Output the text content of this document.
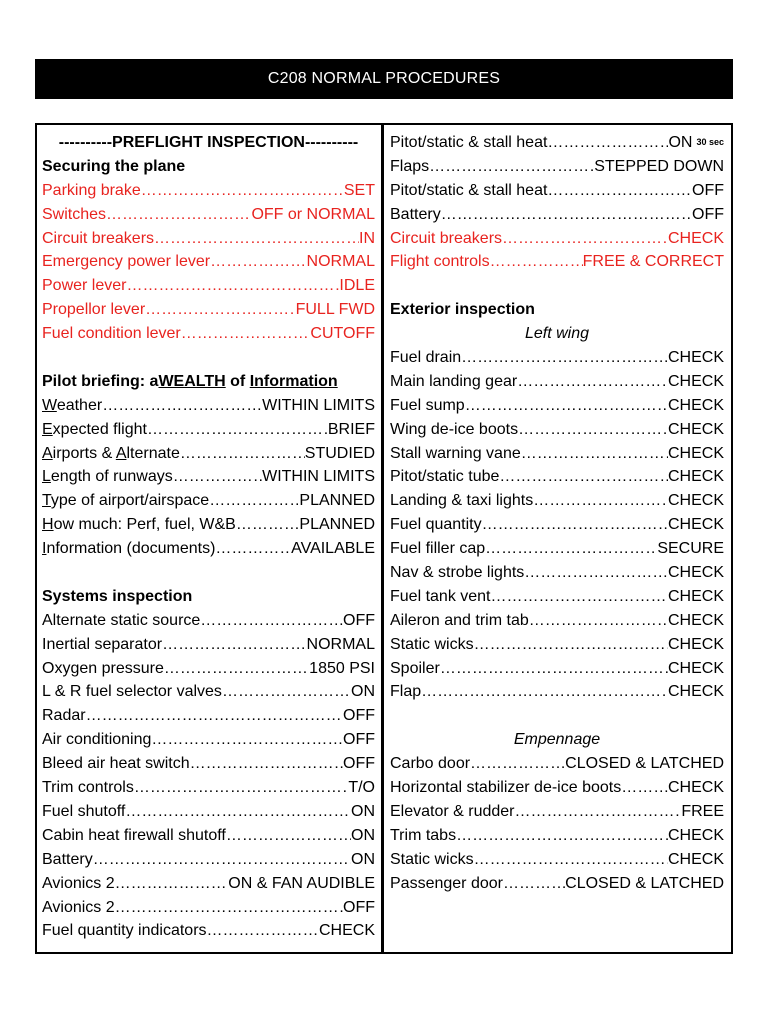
C208 NORMAL PROCEDURES
----------PREFLIGHT INSPECTION----------
Securing the plane
Parking brake ………………………………………………………………………………………………………………………………	SET
Switches ………………………………………………………………………………………………………………………………	OFF or NORMAL
Circuit breakers ………………………………………………………………………………………………………………………………	IN
Emergency power lever ………………………………………………………………………………………………………………………………	NORMAL
Power lever ………………………………………………………………………………………………………………………………	IDLE
Propellor lever ………………………………………………………………………………………………………………………………	FULL FWD
Fuel condition lever ………………………………………………………………………………………………………………………………	CUTOFF
Pilot briefing: a WEALTH of Information
Weather ………………………………………………………………………………………………………………………………	WITHIN LIMITS
Expected flight ………………………………………………………………………………………………………………………………	BRIEF
Airports & Alternate ………………………………………………………………………………………………………………………………	STUDIED
Length of runways ………………………………………………………………………………………………………………………………	WITHIN LIMITS
Type of airport/airspace ………………………………………………………………………………………………………………………………	PLANNED
How much: Perf, fuel, W&B ………………………………………………………………………………………………………………………………	PLANNED
Information (documents) ………………………………………………………………………………………………………………………………	AVAILABLE
Systems inspection
Alternate static source ………………………………………………………………………………………………………………………………	OFF
Inertial separator ………………………………………………………………………………………………………………………………	NORMAL
Oxygen pressure ………………………………………………………………………………………………………………………………	1850 PSI
L & R fuel selector valves ………………………………………………………………………………………………………………………………	ON
Radar ………………………………………………………………………………………………………………………………	OFF
Air conditioning ………………………………………………………………………………………………………………………………	OFF
Bleed air heat switch ………………………………………………………………………………………………………………………………	OFF
Trim controls ………………………………………………………………………………………………………………………………	T/O
Fuel shutoff ………………………………………………………………………………………………………………………………	ON
Cabin heat firewall shutoff ………………………………………………………………………………………………………………………………	ON
Battery ………………………………………………………………………………………………………………………………	ON
Avionics 2 ………………………………………………………………………………………………………………………………	ON & FAN AUDIBLE
Avionics 2 ………………………………………………………………………………………………………………………………	OFF
Fuel quantity indicators ………………………………………………………………………………………………………………………………	CHECK
Pitot/static & stall heat ………………………………………………………………………………………………………………………………	ON 30 sec
Flaps ………………………………………………………………………………………………………………………………	STEPPED DOWN
Pitot/static & stall heat ………………………………………………………………………………………………………………………………	OFF
Battery ………………………………………………………………………………………………………………………………	OFF
Circuit breakers ………………………………………………………………………………………………………………………………	CHECK
Flight controls ………………………………………………………………………………………………………………………………	FREE & CORRECT
Exterior inspection
Left wing
Fuel drain ………………………………………………………………………………………………………………………………	CHECK
Main landing gear ………………………………………………………………………………………………………………………………	CHECK
Fuel sump ………………………………………………………………………………………………………………………………	CHECK
Wing de-ice boots ………………………………………………………………………………………………………………………………	CHECK
Stall warning vane ………………………………………………………………………………………………………………………………	CHECK
Pitot/static tube ………………………………………………………………………………………………………………………………	CHECK
Landing & taxi lights ………………………………………………………………………………………………………………………………	CHECK
Fuel quantity ………………………………………………………………………………………………………………………………	CHECK
Fuel filler cap ………………………………………………………………………………………………………………………………	SECURE
Nav & strobe lights ………………………………………………………………………………………………………………………………	CHECK
Fuel tank vent ………………………………………………………………………………………………………………………………	CHECK
Aileron and trim tab ………………………………………………………………………………………………………………………………	CHECK
Static wicks ………………………………………………………………………………………………………………………………	CHECK
Spoiler ………………………………………………………………………………………………………………………………	CHECK
Flap ………………………………………………………………………………………………………………………………	CHECK
Empennage
Carbo door ………………………………………………………………………………………………………………………………	CLOSED & LATCHED
Horizontal stabilizer de-ice boots ………………………………………………………………………………………………………………………………	CHECK
Elevator & rudder ………………………………………………………………………………………………………………………………	FREE
Trim tabs ………………………………………………………………………………………………………………………………	CHECK
Static wicks ………………………………………………………………………………………………………………………………	CHECK
Passenger door ………………………………………………………………………………………………………………………………	CLOSED & LATCHED
